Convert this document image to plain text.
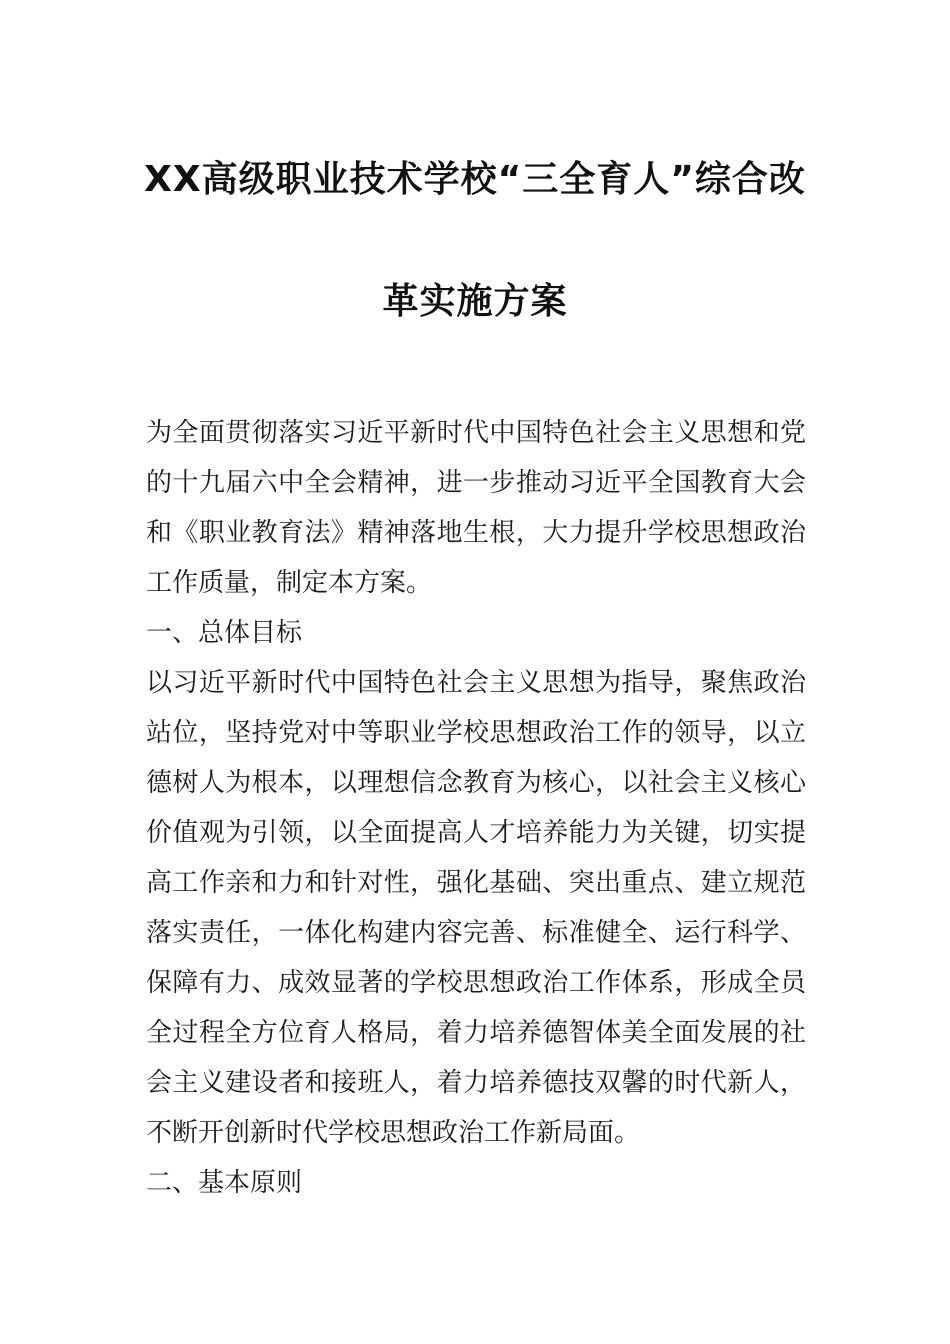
XX高级职业技术学校“三全育人”综合改
革实施方案
为全面贯彻落实习近平新时代中国特色社会主义思想和党
的十九届六中全会精神，进一步推动习近平全国教育大会
和《职业教育法》精神落地生根，大力提升学校思想政治
工作质量，制定本方案。
一、总体目标
以习近平新时代中国特色社会主义思想为指导，聚焦政治
站位，坚持党对中等职业学校思想政治工作的领导，以立
德树人为根本，以理想信念教育为核心，以社会主义核心
价值观为引领，以全面提高人才培养能力为关键，切实提
高工作亲和力和针对性，强化基础、突出重点、建立规范
落实责任，一体化构建内容完善、标准健全、运行科学、
保障有力、成效显著的学校思想政治工作体系，形成全员
全过程全方位育人格局，着力培养德智体美全面发展的社
会主义建设者和接班人，着力培养德技双馨的时代新人，
不断开创新时代学校思想政治工作新局面。
二、基本原则
